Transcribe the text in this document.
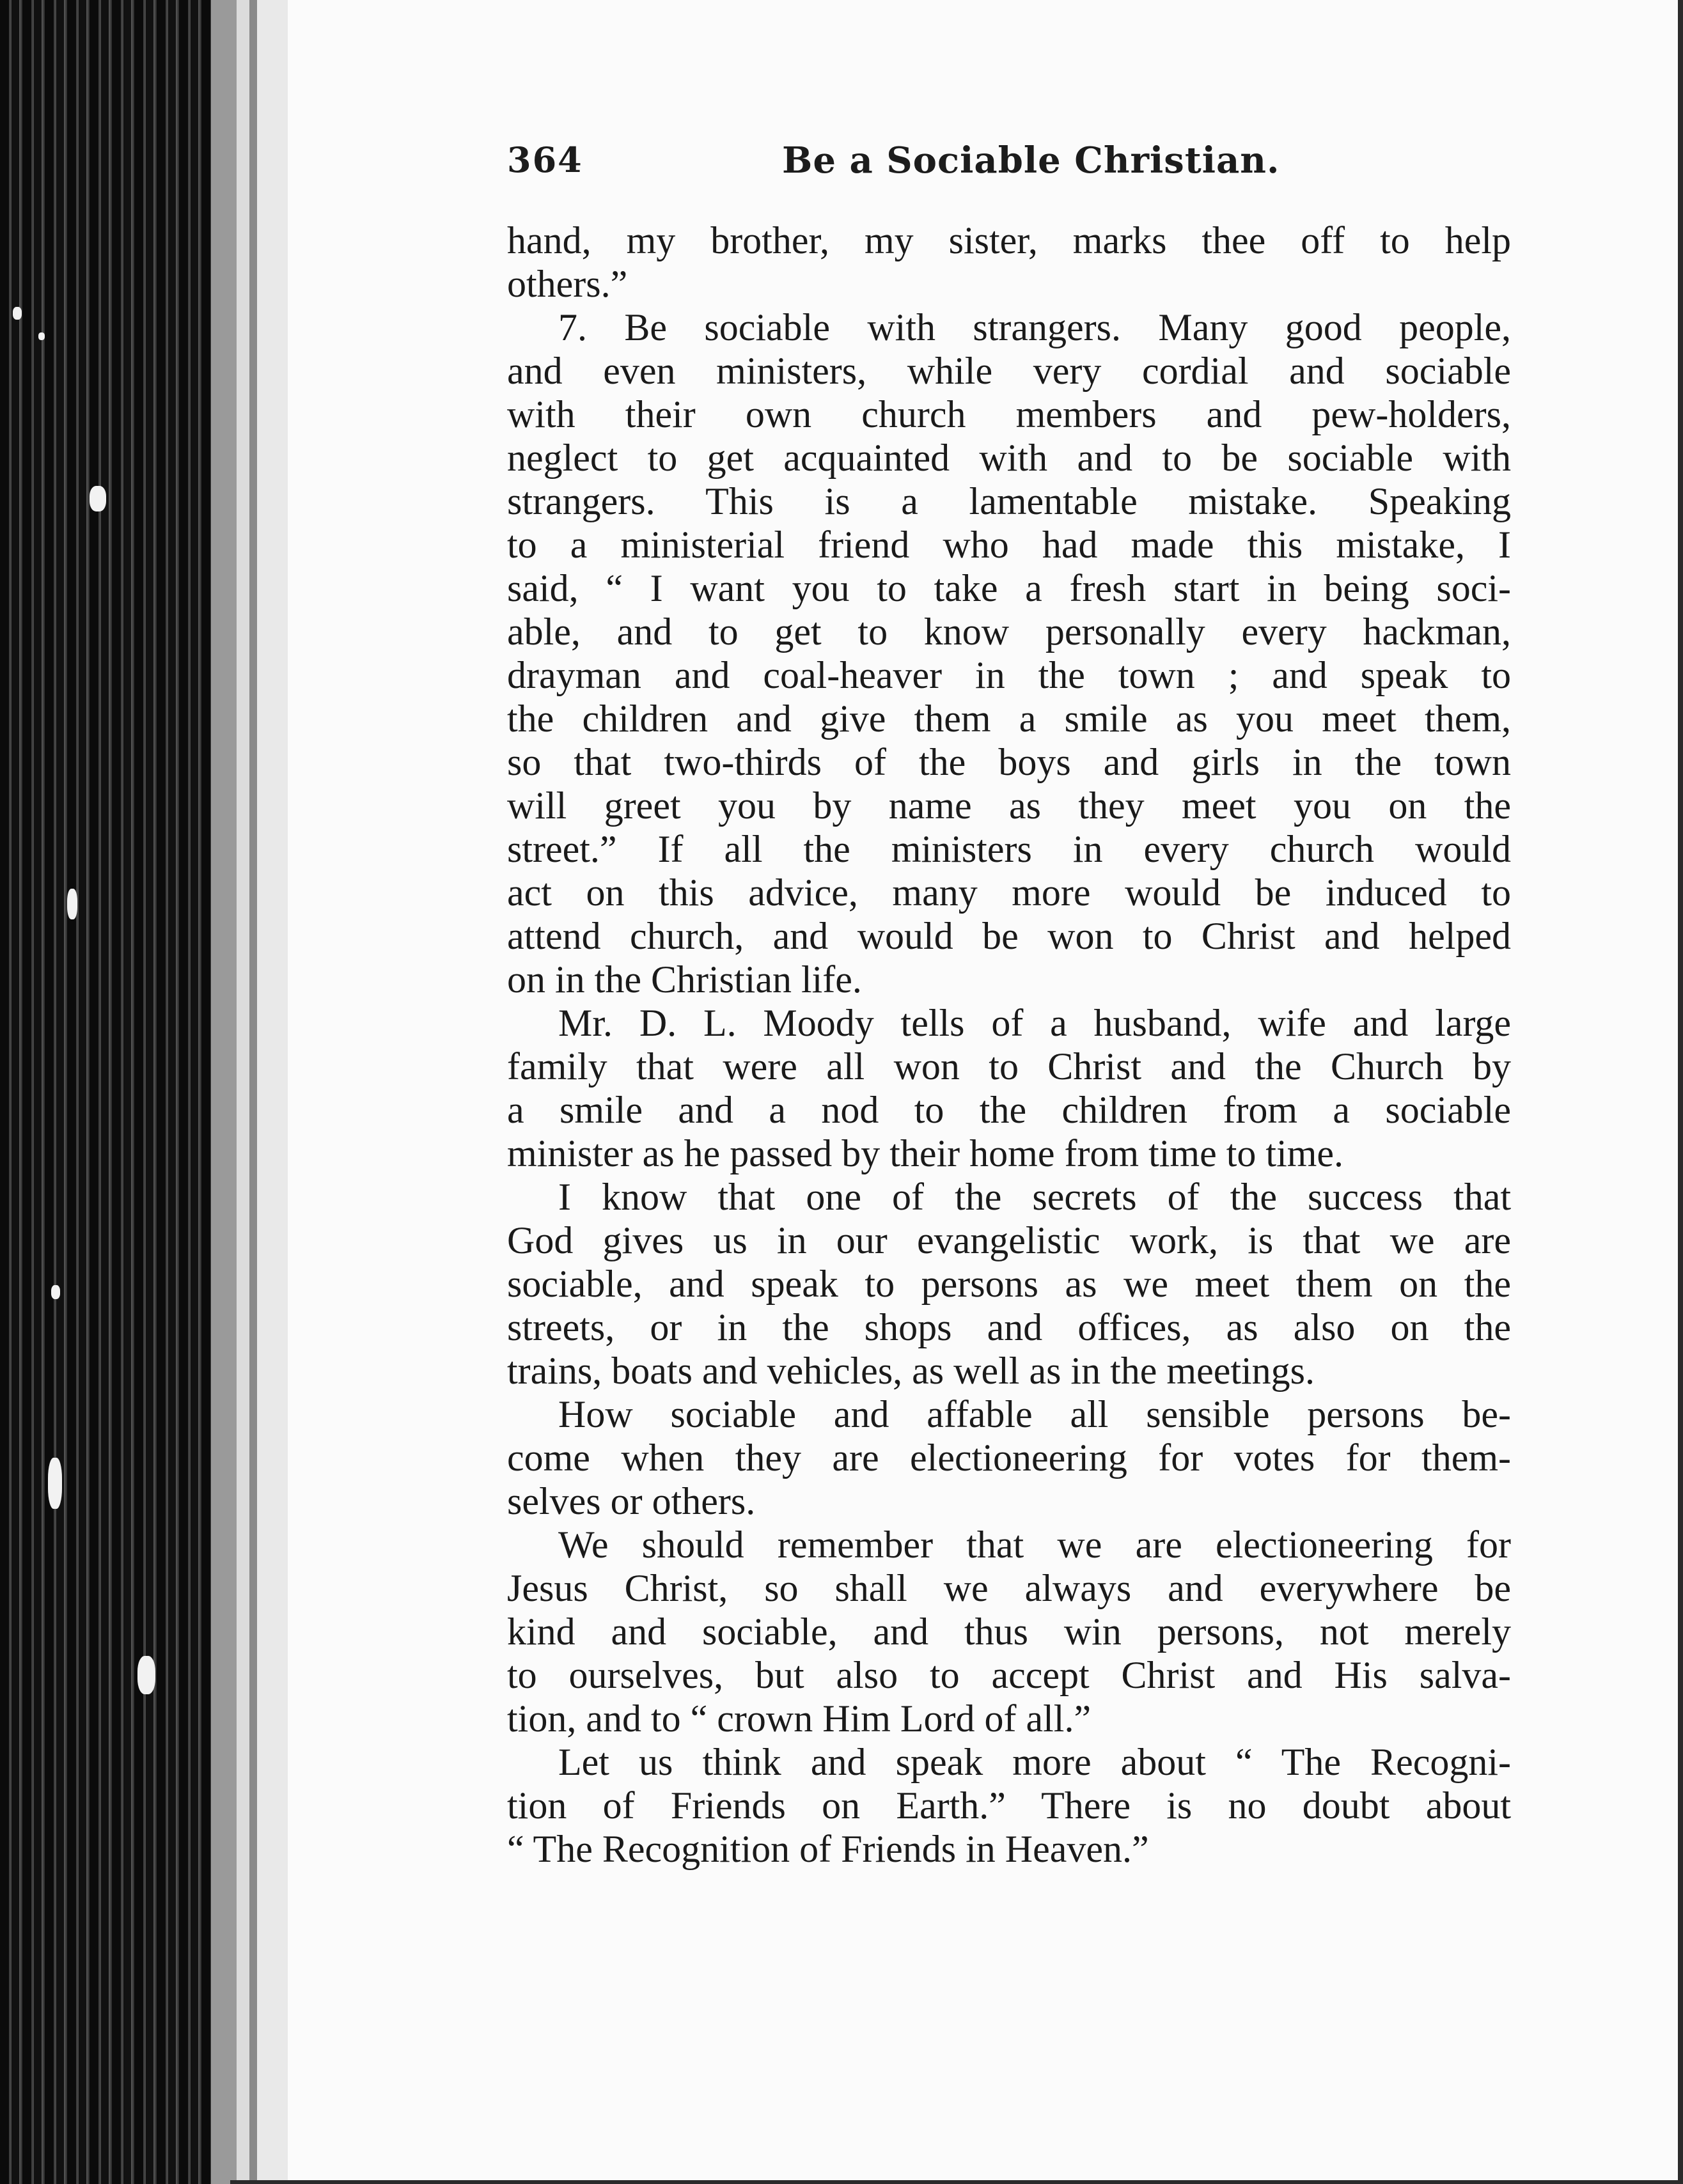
364	Be a Sociable Christian.
hand, my brother, my sister, marks thee off to help
others.”
7. Be sociable with strangers. Many good people,
and even ministers, while very cordial and sociable
with their own church members and pew-holders,
neglect to get acquainted with and to be sociable with
strangers. This is a lamentable mistake. Speaking
to a ministerial friend who had made this mistake, I
said, “ I want you to take a fresh start in being soci-
able, and to get to know personally every hackman,
drayman and coal-heaver in the town ; and speak to
the children and give them a smile as you meet them,
so that two-thirds of the boys and girls in the town
will greet you by name as they meet you on the
street.” If all the ministers in every church would
act on this advice, many more would be induced to
attend church, and would be won to Christ and helped
on in the Christian life.
Mr. D. L. Moody tells of a husband, wife and large
family that were all won to Christ and the Church by
a smile and a nod to the children from a sociable
minister as he passed by their home from time to time.
I know that one of the secrets of the success that
God gives us in our evangelistic work, is that we are
sociable, and speak to persons as we meet them on the
streets, or in the shops and offices, as also on the
trains, boats and vehicles, as well as in the meetings.
How sociable and affable all sensible persons be-
come when they are electioneering for votes for them-
selves or others.
We should remember that we are electioneering for
Jesus Christ, so shall we always and everywhere be
kind and sociable, and thus win persons, not merely
to ourselves, but also to accept Christ and His salva-
tion, and to “ crown Him Lord of all.”
Let us think and speak more about “ The Recogni-
tion of Friends on Earth.” There is no doubt about
“ The Recognition of Friends in Heaven.”
